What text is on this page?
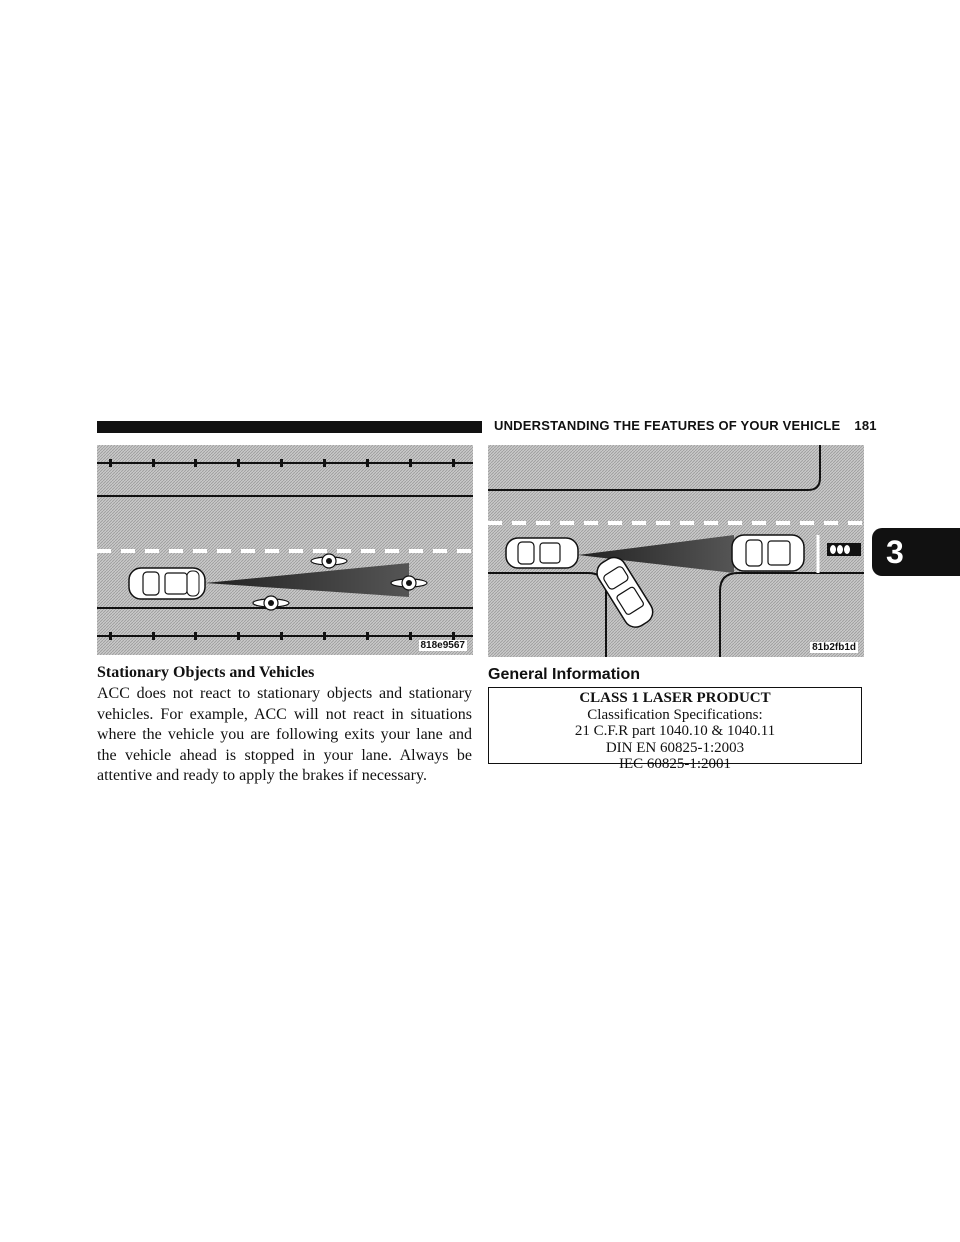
UNDERSTANDING THE FEATURES OF YOUR VEHICLE 181
3
818e9567	81b2fb1d
Stationary Objects and Vehicles

ACC does not react to stationary objects and stationary vehicles. For example, ACC will not react in situations where the vehicle you are following exits your lane and the vehicle ahead is stopped in your lane. Always be attentive and ready to apply the brakes if necessary.

General Information
CLASS 1 LASER PRODUCT
Classification Specifications:
21 C.F.R part 1040.10 & 1040.11
DIN EN 60825-1:2003
IEC 60825-1:2001
